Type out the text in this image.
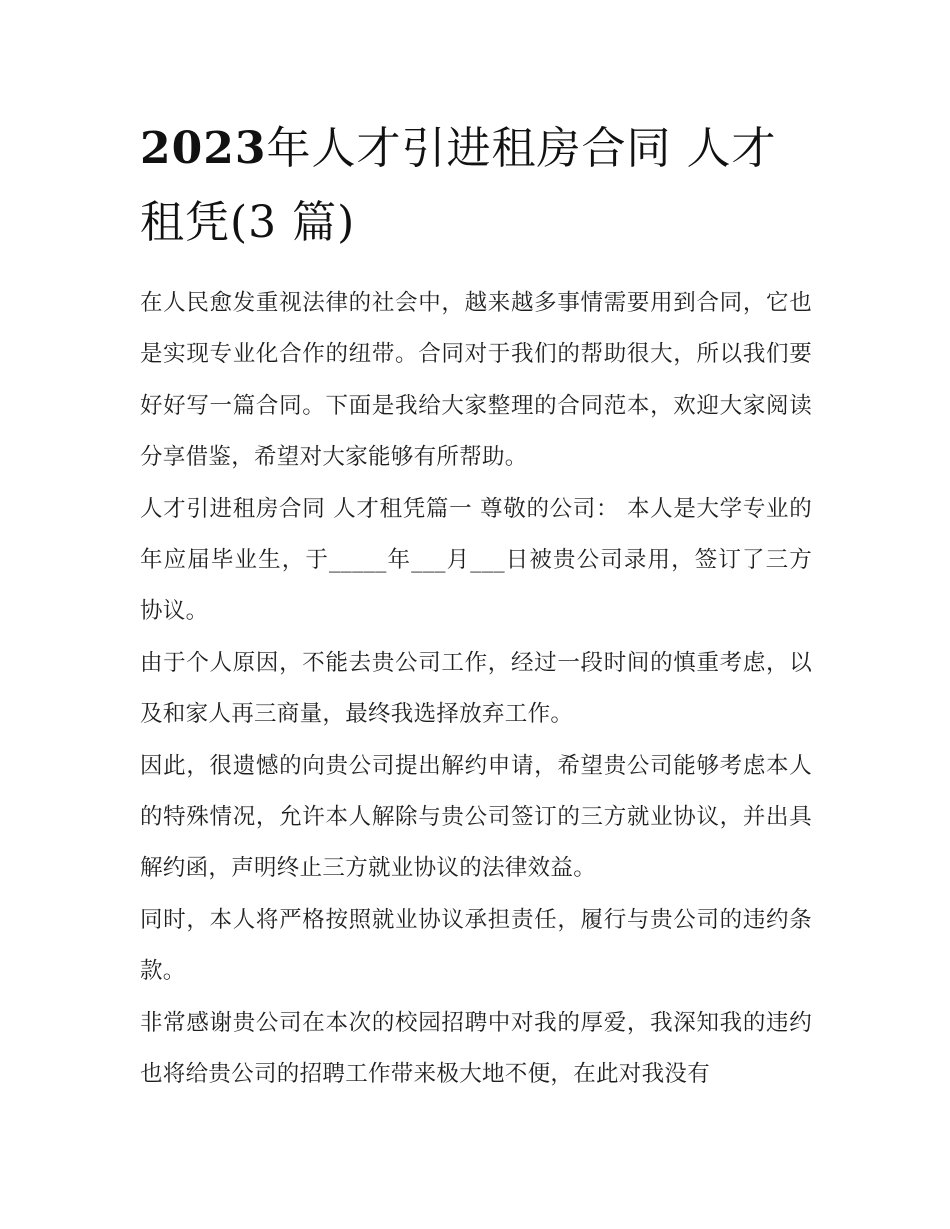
2023年人才引进租房合同 人才租凭(3 篇)

在人民愈发重视法律的社会中，越来越多事情需要用到合同，它也是实现专业化合作的纽带。合同对于我们的帮助很大，所以我们要好好写一篇合同。下面是我给大家整理的合同范本，欢迎大家阅读分享借鉴，希望对大家能够有所帮助。

人才引进租房合同 人才租凭篇一 尊敬的公司： 本人是大学专业的年应届毕业生，于_____年___月___日被贵公司录用，签订了三方协议。

由于个人原因，不能去贵公司工作，经过一段时间的慎重考虑，以及和家人再三商量，最终我选择放弃工作。

因此，很遗憾的向贵公司提出解约申请，希望贵公司能够考虑本人的特殊情况，允许本人解除与贵公司签订的三方就业协议，并出具解约函，声明终止三方就业协议的法律效益。

同时，本人将严格按照就业协议承担责任，履行与贵公司的违约条款。

非常感谢贵公司在本次的校园招聘中对我的厚爱，我深知我的违约也将给贵公司的招聘工作带来极大地不便，在此对我没有
